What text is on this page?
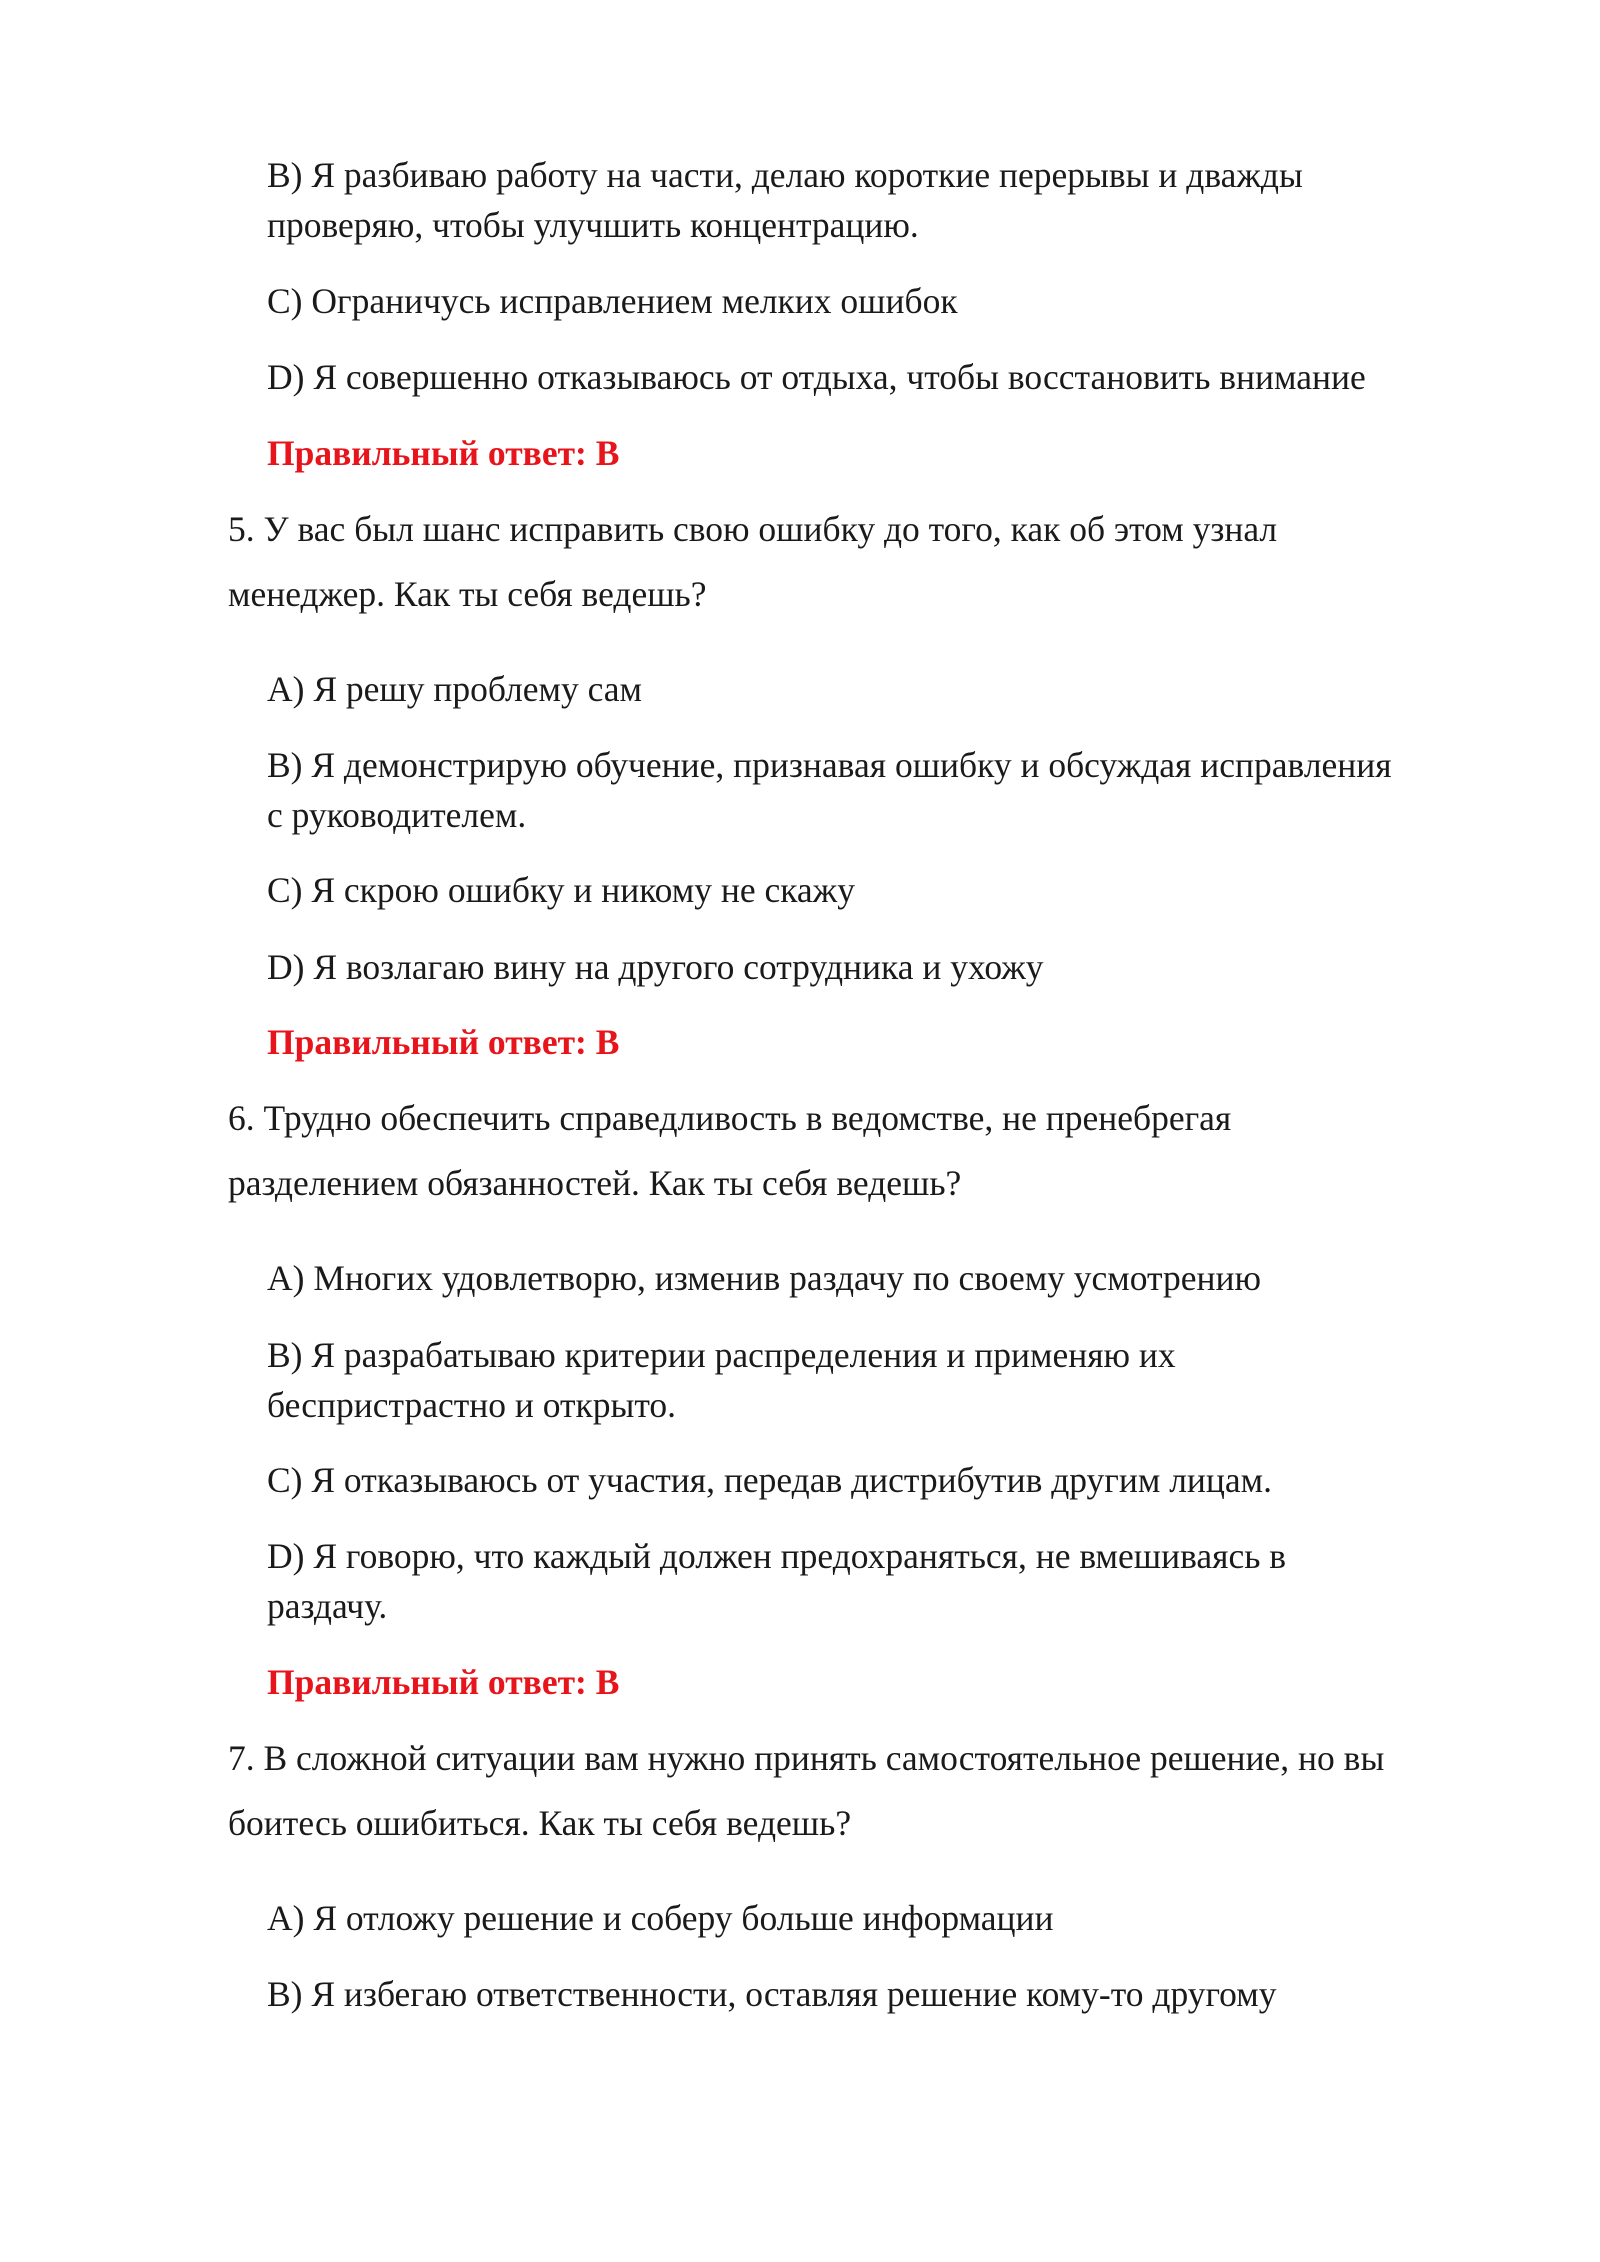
B) Я разбиваю работу на части, делаю короткие перерывы и дважды
проверяю, чтобы улучшить концентрацию.
C) Ограничусь исправлением мелких ошибок
D) Я совершенно отказываюсь от отдыха, чтобы восстановить внимание
Правильный ответ: B
5. У вас был шанс исправить свою ошибку до того, как об этом узнал
менеджер. Как ты себя ведешь?
A) Я решу проблему сам
B) Я демонстрирую обучение, признавая ошибку и обсуждая исправления
с руководителем.
C) Я скрою ошибку и никому не скажу
D) Я возлагаю вину на другого сотрудника и ухожу
Правильный ответ: B
6. Трудно обеспечить справедливость в ведомстве, не пренебрегая
разделением обязанностей. Как ты себя ведешь?
A) Многих удовлетворю, изменив раздачу по своему усмотрению
B) Я разрабатываю критерии распределения и применяю их
беспристрастно и открыто.
C) Я отказываюсь от участия, передав дистрибутив другим лицам.
D) Я говорю, что каждый должен предохраняться, не вмешиваясь в
раздачу.
Правильный ответ: B
7. В сложной ситуации вам нужно принять самостоятельное решение, но вы
боитесь ошибиться. Как ты себя ведешь?
A) Я отложу решение и соберу больше информации
B) Я избегаю ответственности, оставляя решение кому-то другому
